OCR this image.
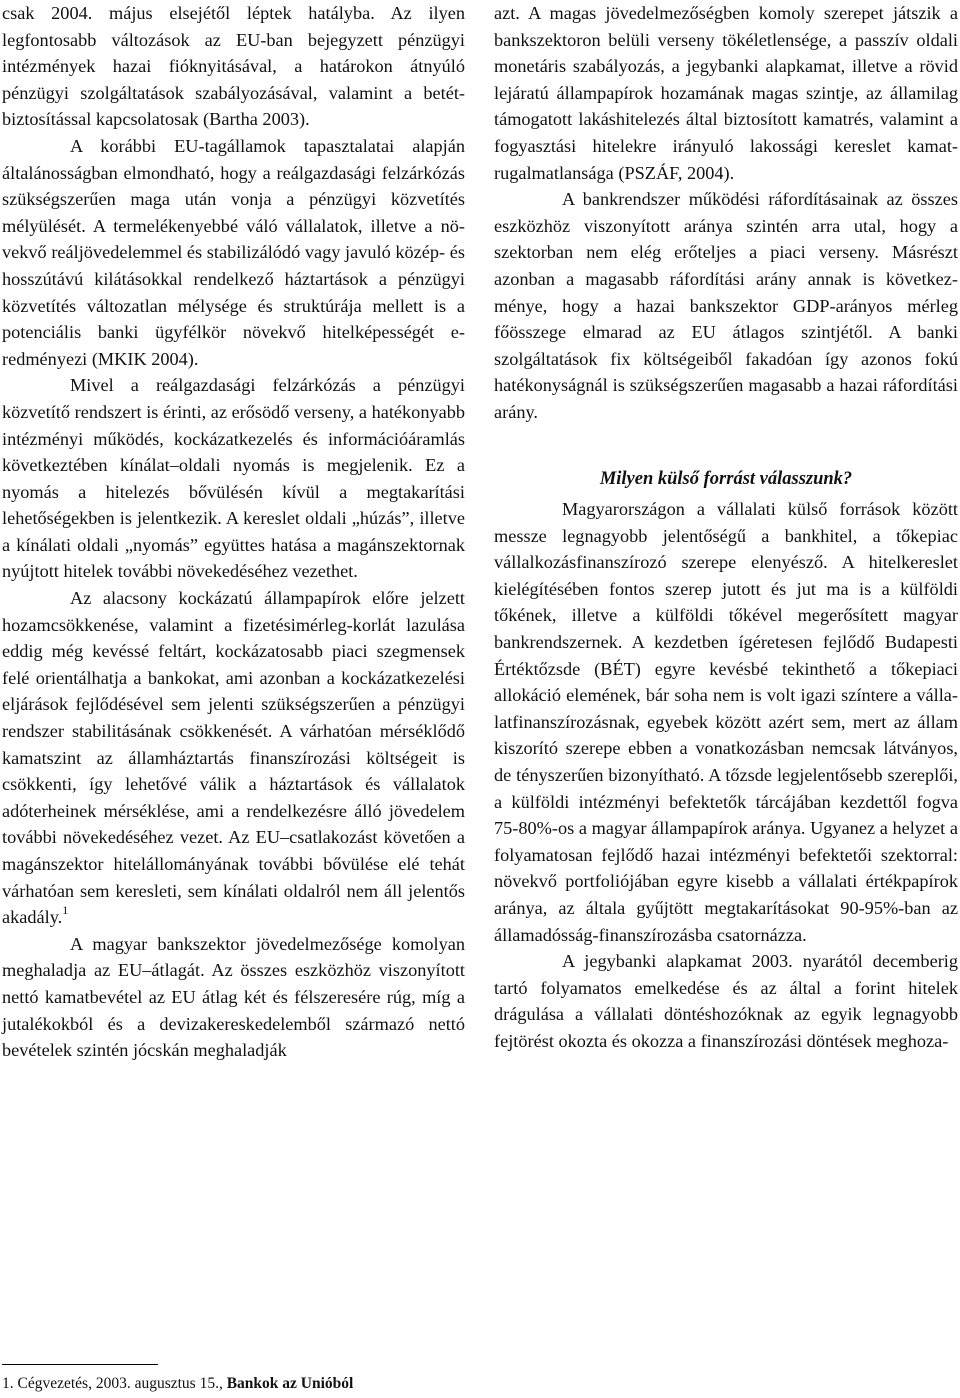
csak 2004. május elsejétől léptek hatályba. Az ilyen legfontosabb változások az EU-ban bejegyzett pénzügyi intézmények hazai fióknyitásával, a határokon átnyúló pénzügyi szolgáltatások szabályozásával, valamint a betétbiztosítással kapcsolatosak (Bartha 2003).

A korábbi EU-tagállamok tapasztalatai alapján általánosságban elmondható, hogy a reálgazdasági felzárkózás szükségszerűen maga után vonja a pénzügyi közvetítés mélyülését. A termelékenyebbé váló vállalatok, illetve a növekvő reáljövedelemmel és stabilizálódó vagy javuló közép- és hosszútávú kilátásokkal rendelkező háztartások a pénzügyi közvetítés változatlan mélysége és struktúrája mellett is a potenciális banki ügyfélkör növekvő hitelképességét eredményezi (MKIK 2004).

Mivel a reálgazdasági felzárkózás a pénzügyi közvetítő rendszert is érinti, az erősödő verseny, a hatékonyabb intézményi működés, kockázatkezelés és információáramlás következtében kínálat–oldali nyomás is megjelenik. Ez a nyomás a hitelezés bővülésén kívül a megtakarítási lehetőségekben is jelentkezik. A kereslet oldali „húzás”, illetve a kínálati oldali „nyomás” együttes hatása a magánszektornak nyújtott hitelek további növekedéséhez vezethet.

Az alacsony kockázatú állampapírok előre jelzett hozamcsökkenése, valamint a fizetésimérleg-korlát lazulása eddig még kevéssé feltárt, kockázatosabb piaci szegmensek felé orientálhatja a bankokat, ami azonban a kockázatkezelési eljárások fejlődésével sem jelenti szükségszerűen a pénzügyi rendszer stabilitásának csökkenését. A várhatóan mérséklődő kamatszint az államháztartás finanszírozási költségeit is csökkenti, így lehetővé válik a háztartások és vállalatok adóterheinek mérséklése, ami a rendelkezésre álló jövedelem további növekedéséhez vezet. Az EU–csatlakozást követően a magánszektor hitelállományának további bővülése elé tehát várhatóan sem keresleti, sem kínálati oldalról nem áll jelentős akadály.$^1$

A magyar bankszektor jövedelmezősége komolyan meghaladja az EU–átlagát. Az összes eszközhöz viszonyított nettó kamatbevétel az EU átlag két és félszeresére rúg, míg a jutalékokból és a devizakereskedelemből származó nettó bevételek szintén jócskán meghaladják

azt. A magas jövedelmezőségben komoly szerepet játszik a bankszektoron belüli verseny tökéletlensége, a passzív oldali monetáris szabályozás, a jegybanki alapkamat, illetve a rövid lejáratú állampapírok hozamának magas szintje, az államilag támogatott lakáshitelezés által biztosított kamatrés, valamint a fogyasztási hitelekre irányuló lakossági kereslet kamat-rugalmatlansága (PSZÁF, 2004).

A bankrendszer működési ráfordításainak az összes eszközhöz viszonyított aránya szintén arra utal, hogy a szektorban nem elég erőteljes a piaci verseny. Másrészt azonban a magasabb ráfordítási arány annak is következménye, hogy a hazai bankszektor GDP-arányos mérleg főösszege elmarad az EU átlagos szintjétől. A banki szolgáltatások fix költségeiből fakadóan így azonos fokú hatékonyságnál is szükségszerűen magasabb a hazai ráfordítási arány.

Milyen külső forrást válasszunk?

Magyarországon a vállalati külső források között messze legnagyobb jelentőségű a bankhitel, a tőkepiac vállalkozásfinanszírozó szerepe elenyésző. A hitelkereslet kielégítésében fontos szerep jutott és jut ma is a külföldi tőkének, illetve a külföldi tőkével megerősített magyar bankrendszernek. A kezdetben ígéretesen fejlődő Budapesti Értéktőzsde (BÉT) egyre kevésbé tekinthető a tőkepiaci allokáció elemének, bár soha nem is volt igazi színtere a vállalatfinanszírozásnak, egyebek között azért sem, mert az állam kiszorító szerepe ebben a vonatkozásban nemcsak látványos, de tényszerűen bizonyítható. A tőzsde legjelentősebb szereplői, a külföldi intézményi befektetők tárcájában kezdettől fogva 75-80%-os a magyar állampapírok aránya. Ugyanez a helyzet a folyamatosan fejlődő hazai intézményi befektetői szektorral: növekvő portfoliójában egyre kisebb a vállalati értékpapírok aránya, az általa gyűjtött megtakarításokat 90-95%-ban az államadósság-finanszírozásba csatornázza.

A jegybanki alapkamat 2003. nyarától decemberig tartó folyamatos emelkedése és az által a forint hitelek drágulása a vállalati döntéshozóknak az egyik legnagyobb fejtörést okozta és okozza a finanszírozási döntések meghoza-

1. Cégvezetés, 2003. augusztus 15., Bankok az Unióból
